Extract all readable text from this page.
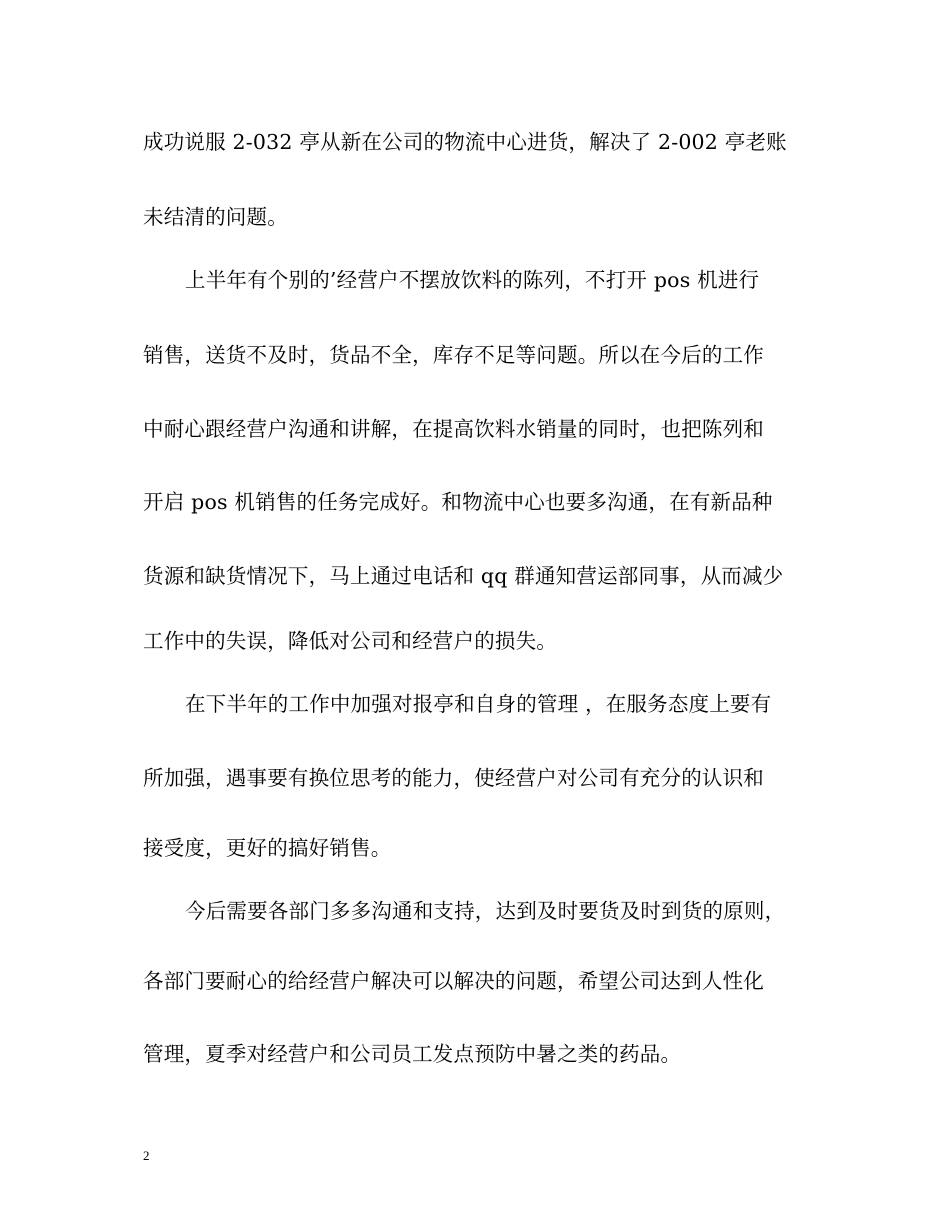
成功说服 2-032 亭从新在公司的物流中心进货，解决了 2-002 亭老账
未结清的问题。
上半年有个别的’经营户不摆放饮料的陈列，不打开 pos 机进行
销售，送货不及时，货品不全，库存不足等问题。所以在今后的工作
中耐心跟经营户沟通和讲解，在提高饮料水销量的同时，也把陈列和
开启 pos 机销售的任务完成好。和物流中心也要多沟通，在有新品种
货源和缺货情况下，马上通过电话和 qq 群通知营运部同事，从而减少
工作中的失误，降低对公司和经营户的损失。
在下半年的工作中加强对报亭和自身的管理 ，在服务态度上要有
所加强，遇事要有换位思考的能力，使经营户对公司有充分的认识和
接受度，更好的搞好销售。
今后需要各部门多多沟通和支持，达到及时要货及时到货的原则，
各部门要耐心的给经营户解决可以解决的问题，希望公司达到人性化
管理，夏季对经营户和公司员工发点预防中暑之类的药品。
2
